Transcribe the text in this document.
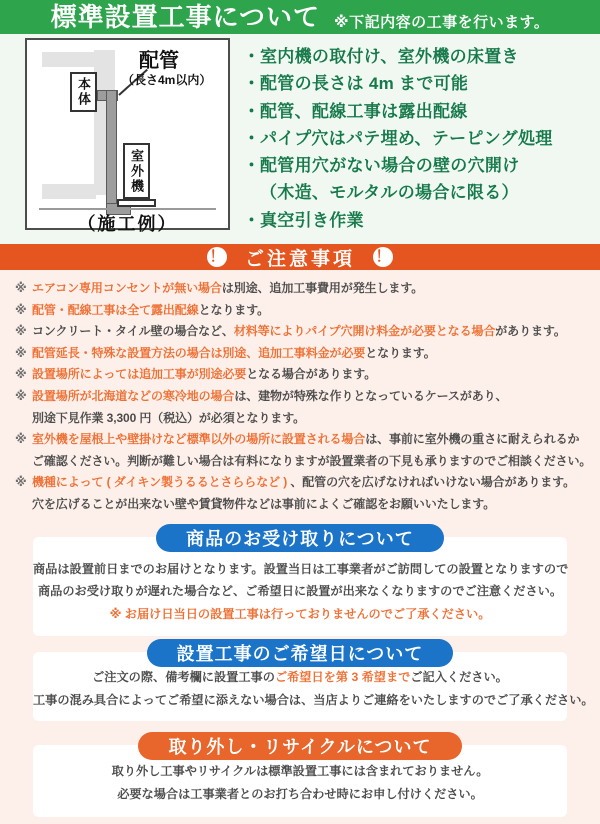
標準設置工事について ※下記内容の工事を行います。
本体
室外機
配管
（長さ4m以内）
（施工例）
・ 室内機の取付け、室外機の床置き
・ 配管の長さは 4m まで可能
・ 配管、配線工事は露出配線
・ パイプ穴はパテ埋め、テーピング処理
・ 配管用穴がない場合の壁の穴開け
（木造、モルタルの場合に限る）
・ 真空引き作業
！ ご注意事項 ！
※ エアコン専用コンセントが無い場合は別途、追加工事費用が発生します。
※ 配管・配線工事は全て露出配線となります。
※ コンクリート・タイル壁の場合など、材料等によりパイプ穴開け料金が必要となる場合があります。
※ 配管延長・特殊な設置方法の場合は別途、追加工事料金が必要となります。
※ 設置場所によっては追加工事が別途必要となる場合があります。
※ 設置場所が北海道などの寒冷地の場合は、建物が特殊な作りとなっているケースがあり、
別途下見作業 3,300 円（税込）が必須となります。
※ 室外機を屋根上や壁掛けなど標準以外の場所に設置される場合は、事前に室外機の重さに耐えられるか
ご確認ください。判断が難しい場合は有料になりますが設置業者の下見も承りますのでご相談ください。
※ 機種によって ( ダイキン製うるるとさららなど ) 、配管の穴を広げなければいけない場合があります。
穴を広げることが出来ない壁や賃貸物件などは事前によくご確認をお願いいたします。
商品のお受け取りについて
商品は設置前日までのお届けとなります。設置当日は工事業者がご訪問しての設置となりますので
商品のお受け取りが遅れた場合など、ご希望日に設置が出来なくなりますのでご注意ください。
※ お届け日当日の設置工事は行っておりませんのでご了承ください。
設置工事のご希望日について
ご注文の際、備考欄に設置工事のご希望日を第 3 希望までご記入ください。
工事の混み具合によってご希望に添えない場合は、当店よりご連絡をいたしますのでご了承ください。
取り外し・リサイクルについて
取り外し工事やリサイクルは標準設置工事には含まれておりません。
必要な場合は工事業者とのお打ち合わせ時にお申し付けください。
